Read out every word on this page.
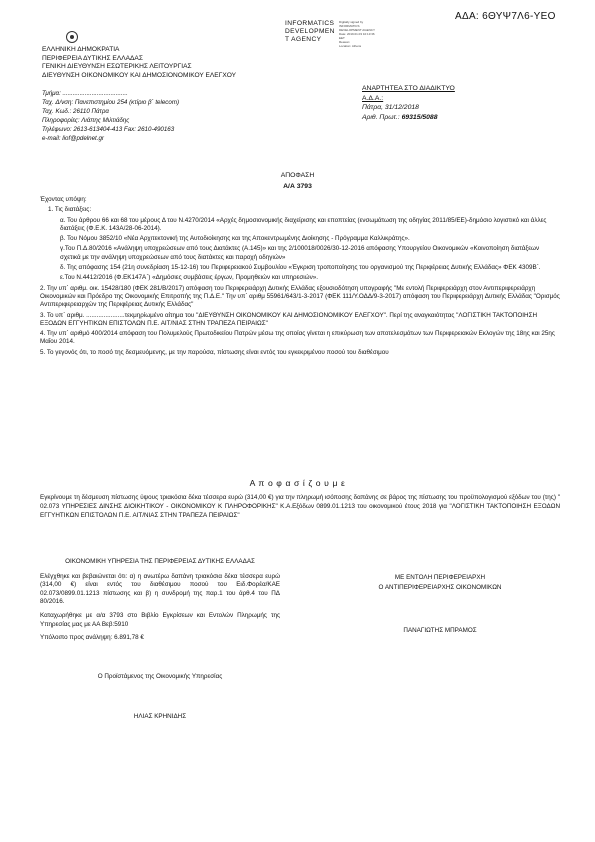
ΑΔΑ: 6ΘΥΨ7Λ6-ΥΕΟ
INFORMATICS
DEVELOPMEN
T AGENCY
Digitally signed by
INFORMATICS
DEVELOPMENT AGENCY
Date: 2019.01.03 10:13:36
EET
Reason:
Location: Athens
ΕΛΛΗΝΙΚΗ ΔΗΜΟΚΡΑΤΙΑ
ΠΕΡΙΦΕΡΕΙΑ ΔΥΤΙΚΗΣ ΕΛΛΑΔΑΣ
ΓΕΝΙΚΗ ΔΙΕΥΘΥΝΣΗ ΕΣΩΤΕΡΙΚΗΣ ΛΕΙΤΟΥΡΓΙΑΣ
ΔΙΕΥΘΥΝΣΗ ΟΙΚΟΝΟΜΙΚΟΥ ΚΑΙ ΔΗΜΟΣΙΟΝΟΜΙΚΟΥ ΕΛΕΓΧΟΥ
Τμήμα: ......................................
Ταχ. Δ/νση: Πανεπιστημίου 254 (κτίριο β΄ telecom)
Ταχ. Κωδ.: 26110 Πάτρα
Πληροφορίες: Λιάπης Μιλτιάδης
Τηλέφωνο: 2613-613404-413 Fax: 2610-490163
e-mail: liof@pdelnet.gr
ΑΝΑΡΤΗΤΕΑ ΣΤΟ ΔΙΑΔΙΚΤΥΟ
Α.Δ.Α.:
Πάτρα, 31/12/2018
Αριθ. Πρωτ.: 69315/5088
ΑΠΟΦΑΣΗ
Α/Α 3793

Έχοντας υπόψη:

1. Τις διατάξεις:

α. Του άρθρου 66 και 68 του μέρους Δ του Ν.4270/2014 «Αρχές δημοσιονομικής διαχείρισης και εποπτείας (ενσωμάτωση της οδηγίας 2011/85/ΕΕ)-δημόσιο λογιστικό και άλλες διατάξεις (Φ.Ε.Κ. 143Α/28-06-2014).

β. Του Νόμου 3852/10 «Νέα Αρχιτεκτονική της Αυτοδιοίκησης και της Αποκεντρωμένης Διοίκησης - Πρόγραμμα Καλλικράτης».

γ.Του Π.Δ.80/2016 «Ανάληψη υποχρεώσεων από τους Διατάκτες (Α.145)» και της 2/100018/0026/30-12-2016 απόφασης Υπουργείου Οικονομικών «Κοινοποίηση διατάξεων σχετικά με την ανάληψη υποχρεώσεων από τους διατάκτες και παροχή οδηγιών»

δ. Της απόφασης 154 (21η συνεδρίαση 15-12-16) του Περιφερειακού Συμβουλίου «Έγκριση τροποποίησης του οργανισμού της Περιφέρειας Δυτικής Ελλάδας» ΦΕΚ 4309Β΄.

ε.Του Ν.4412/2016 (Φ.ΕΚ147Α΄) «Δημόσιες συμβάσεις έργων, Προμηθειών και υπηρεσιών».

2. Την υπ΄ αριθμ. οικ. 15428/180 (ΦΕΚ 281/Β/2017) απόφαση του Περιφερειάρχη Δυτικής Ελλάδας εξουσιοδότηση υπογραφής "Με εντολή Περιφερειάρχη στον Αντιπεριφερειάρχη Οικονομικών και Πρόεδρο της Οικονομικής Επιτροπής της Π.Δ.Ε." Την υπ΄ αριθμ 55961/643/1-3-2017 (ΦΕΚ 111/Υ.ΟΔΔ/9-3-2017) απόφαση του Περιφερειάρχη Δυτικής Ελλάδας "Ορισμός Αντιπεριφερειαρχών της Περιφέρειας Δυτικής Ελλάδας"

3. Το υπ΄ αριθμ. ......................τεκμηρίωμένο αίτημα του "ΔΙΕΥΘΥΝΣΗ ΟΙΚΟΝΟΜΙΚΟΥ ΚΑΙ ΔΗΜΟΣΙΟΝΟΜΙΚΟΥ ΕΛΕΓΧΟΥ". Περί της αναγκαιότητας "ΛΟΓΙΣΤΙΚΗ ΤΑΚΤΟΠΟΙΗΣΗ ΕΞΟΔΩΝ ΕΓΓΥΗΤΙΚΩΝ ΕΠΙΣΤΟΛΩΝ Π.Ε. ΑΙΤ/ΝΙΑΣ ΣΤΗΝ ΤΡΑΠΕΖΑ ΠΕΙΡΑΙΩΣ"

4. Την υπ΄ αριθμό 400/2014 απόφαση του Πολυμελούς Πρωτοδικείου Πατρών μέσω της οποίας γίνεται η επικύρωση των αποτελεσμάτων των Περιφερειακών Εκλογών της 18ης και 25ης Μαΐου 2014.

5. Το γεγονός ότι, το ποσό της δεσμευόμενης, με την παρούσα, πίστωσης είναι εντός του εγκεκριμένου ποσού του διαθέσιμου

Α π ο φ α σ ί ζ ο υ μ ε
Εγκρίνουμε τη δέσμευση πίστωσης ύψους τριακόσια δέκα τέσσερα ευρώ (314,00 €) για την πληρωμή ισόποσης δαπάνης σε βάρος της πίστωσης του προϋπολογισμού εξόδων του (της) " 02.073 ΥΠΗΡΕΣΙΕΣ ΔΙΝΣΗΣ ΔΙΟΙΚΗΤΙΚΟΥ - ΟΙΚΟΝΟΜΙΚΟΥ Κ ΠΛΗΡΟΦΟΡΙΚΗΣ" Κ.Α.Εξόδων 0899.01.1213 του οικονομικού έτους 2018 για "ΛΟΓΙΣΤΙΚΗ ΤΑΚΤΟΠΟΙΗΣΗ ΕΞΟΔΩΝ ΕΓΓΥΗΤΙΚΩΝ ΕΠΙΣΤΟΛΩΝ Π.Ε. ΑΙΤ/ΝΙΑΣ ΣΤΗΝ ΤΡΑΠΕΖΑ ΠΕΙΡΑΙΩΣ"
ΟΙΚΟΝΟΜΙΚΗ ΥΠΗΡΕΣΙΑ ΤΗΣ ΠΕΡΙΦΕΡΕΙΑΣ ΔΥΤΙΚΗΣ ΕΛΛΑΔΑΣ
Ελέγχθηκε και βεβαιώνεται ότι: α) η ανωτέρω δαπάνη τριακόσια δέκα τέσσερα ευρώ (314,00 €) είναι εντός του διαθέσιμου ποσού του Ειδ.Φορέα/ΚΑΕ 02.073/0899.01.1213 πίστωσης και β) η συνδρομή της παρ.1 του άρθ.4 του ΠΔ 80/2016.
Καταχωρήθηκε με α/α 3793 στο Βιβλίο Εγκρίσεων και Εντολών Πληρωμής της Υπηρεσίας μας με ΑΑ Βεβ:5910
Υπόλοιπο προς ανάληψη: 6.891,78 €
Ο Προϊστάμενος της Οικονομικής Υπηρεσίας
ΗΛΙΑΣ ΚΡΗΝΙΔΗΣ
ΜΕ ΕΝΤΟΛΗ ΠΕΡΙΦΕΡΕΙΑΡΧΗ
Ο ΑΝΤΙΠΕΡΙΦΕΡΕΙΑΡΧΗΣ ΟΙΚΟΝΟΜΙΚΩΝ
ΠΑΝΑΓΙΩΤΗΣ ΜΠΡΑΜΟΣ
